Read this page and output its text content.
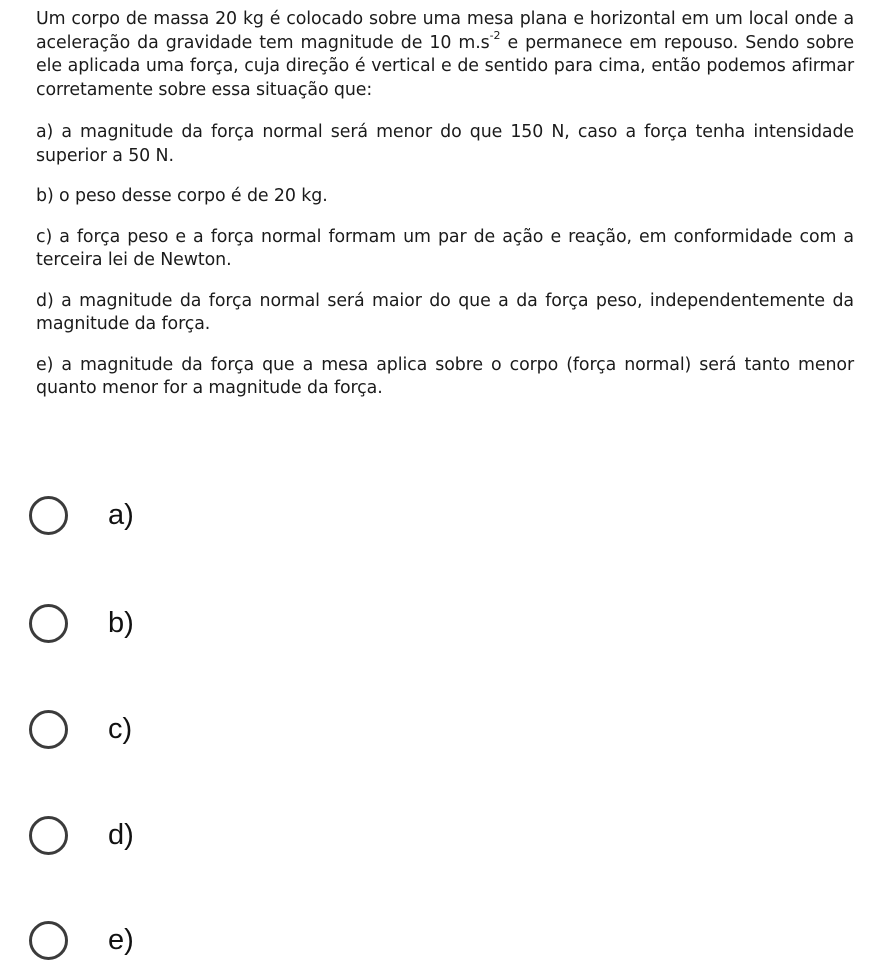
Um corpo de massa 20 kg é colocado sobre uma mesa plana e horizontal em um local onde a aceleração da gravidade tem magnitude de 10 $m.s^{-2}$ e permanece em repouso. Sendo sobre ele aplicada uma força, cuja direção é vertical e de sentido para cima, então podemos afirmar corretamente sobre essa situação que:

a) a magnitude da força normal será menor do que 150 N, caso a força tenha intensidade superior a 50 N.

b) o peso desse corpo é de 20 kg.

c) a força peso e a força normal formam um par de ação e reação, em conformidade com a terceira lei de Newton.

d) a magnitude da força normal será maior do que a da força peso, independentemente da magnitude da força.

e) a magnitude da força que a mesa aplica sobre o corpo (força normal) será tanto menor quanto menor for a magnitude da força.

a)
b)
c)
d)
e)
